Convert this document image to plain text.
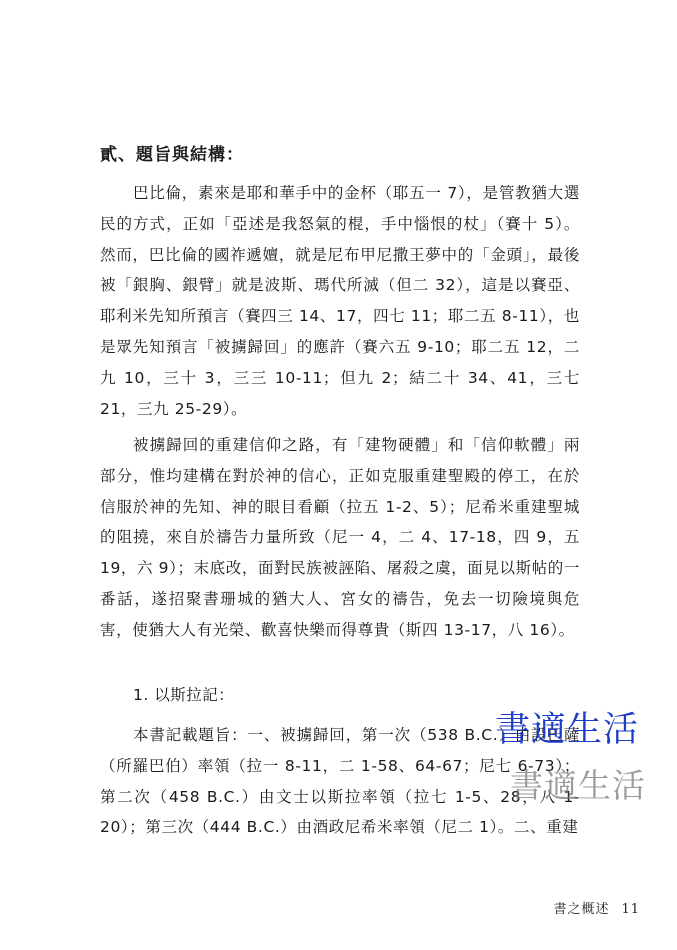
貳、題旨與結構：

巴比倫，素來是耶和華手中的金杯（耶五一 7），是管教猶大選民的方式，正如「亞述是我怒氣的棍，手中惱恨的杖」（賽十 5）。然而，巴比倫的國祚遞嬗，就是尼布甲尼撒王夢中的「金頭」，最後被「銀胸、銀臂」就是波斯、瑪代所滅（但二 32），這是以賽亞、耶利米先知所預言（賽四三 14、17，四七 11；耶二五 8-11），也是眾先知預言「被擄歸回」的應許（賽六五 9-10；耶二五 12，二九 10，三十 3，三三 10-11；但九 2；結二十 34、41，三七 21，三九 25-29）。

被擄歸回的重建信仰之路，有「建物硬體」和「信仰軟體」兩部分，惟均建構在對於神的信心，正如克服重建聖殿的停工，在於信服於神的先知、神的眼目看顧（拉五 1-2、5）；尼希米重建聖城的阻撓，來自於禱告力量所致（尼一 4，二 4、17-18，四 9，五 19，六 9）；末底改，面對民族被誣陷、屠殺之虞，面見以斯帖的一番話，遂招聚書珊城的猶大人、宮女的禱告，免去一切險境與危害，使猶大人有光榮、歡喜快樂而得尊貴（斯四 13-17，八 16）。

1. 以斯拉記：

本書記載題旨：一、被擄歸回，第一次（538 B.C.）由設巴薩（所羅巴伯）率領（拉一 8-11，二 1-58、64-67；尼七 6-73）；第二次（458 B.C.）由文士以斯拉率領（拉七 1-5、28，八 1-20）；第三次（444 B.C.）由酒政尼希米率領（尼二 1）。二、重建

書適生活
書適生活
書之概述 11
